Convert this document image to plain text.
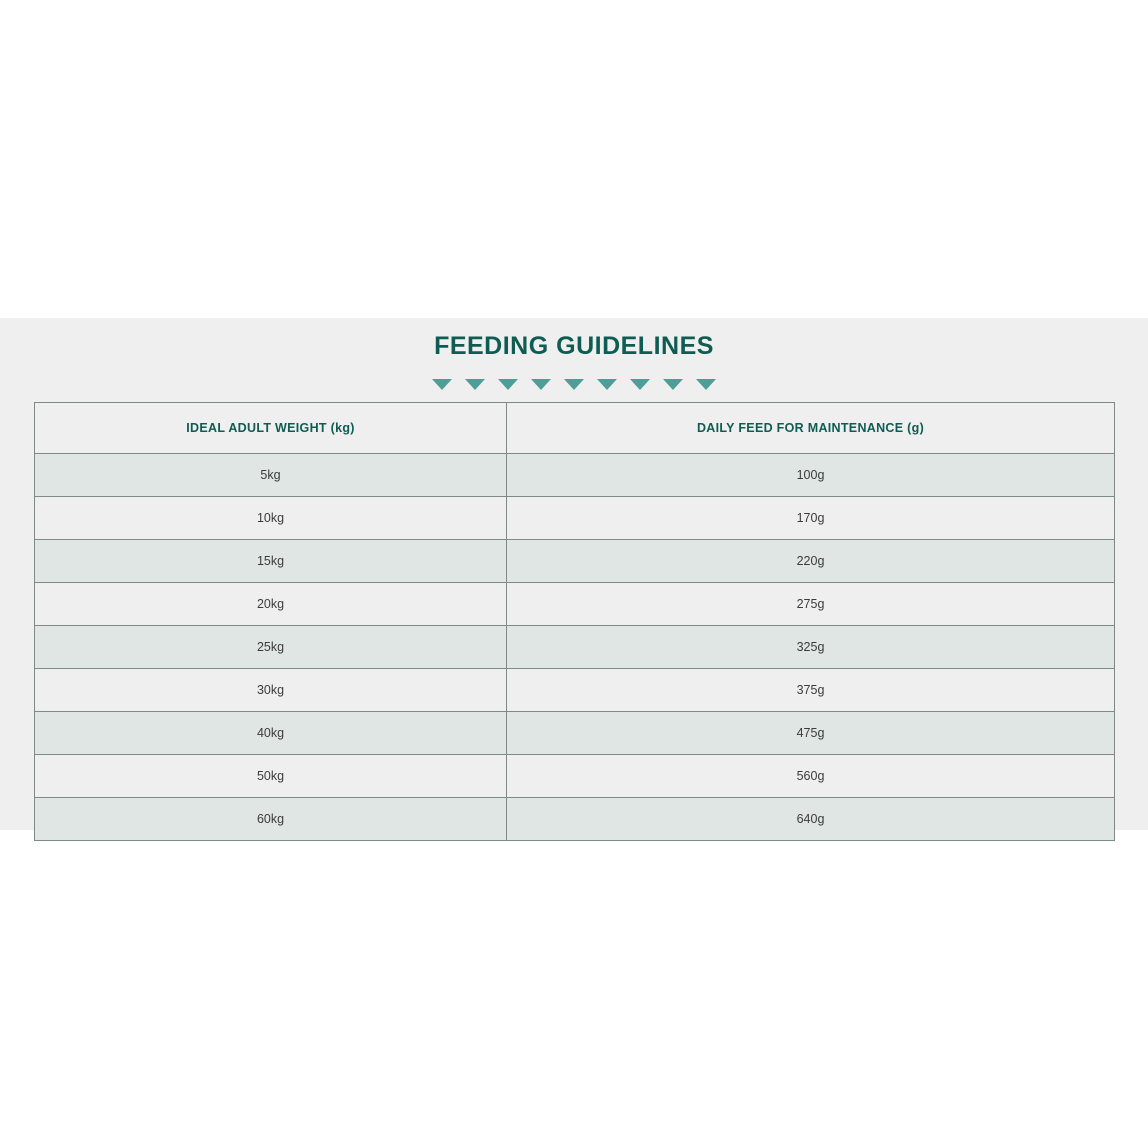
FEEDING GUIDELINES
IDEAL ADULT WEIGHT (kg)	DAILY FEED FOR MAINTENANCE (g)
5kg	100g
10kg	170g
15kg	220g
20kg	275g
25kg	325g
30kg	375g
40kg	475g
50kg	560g
60kg	640g
